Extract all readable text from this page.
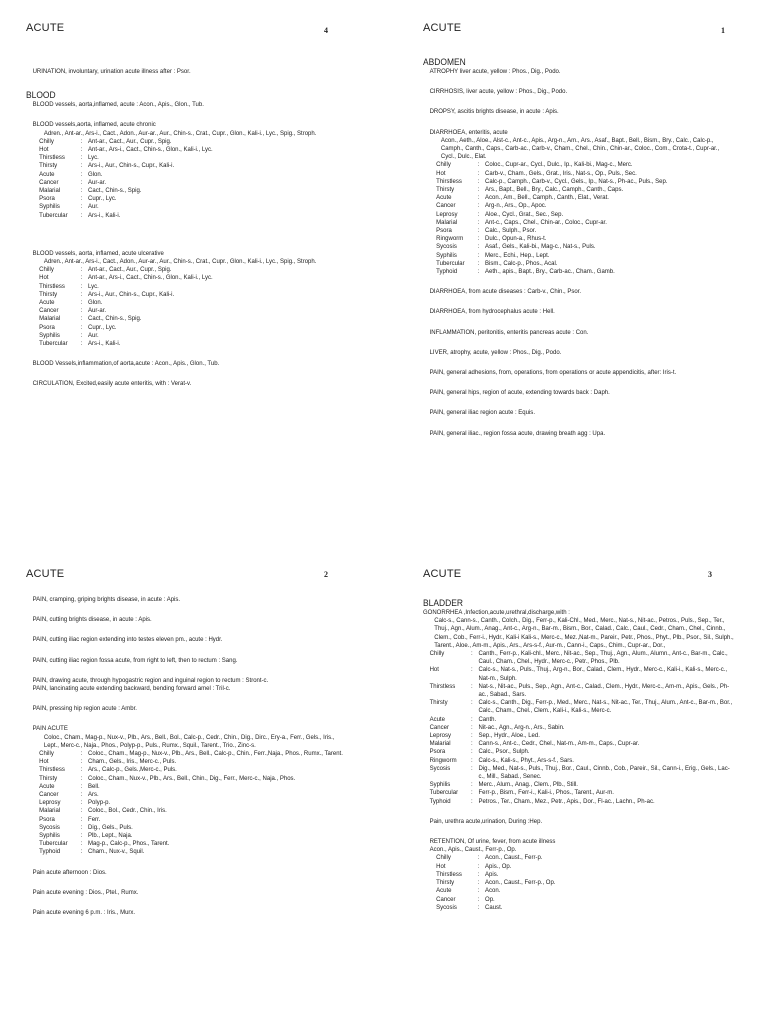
ACUTE	4
URINATION, involuntary, urination acute illness after : Psor.
BLOOD
BLOOD vessels, aorta,inflamed, acute : Acon., Apis., Glon., Tub.
BLOOD vessels,aorta, inflamed, acute chronic
Adren., Ant-ar., Ars-i., Cact., Adon., Aur-ar., Aur., Chin-s., Crat., Cupr., Glon., Kali-i., Lyc., Spig., Stroph.
Chilly	: Ant-ar., Cact., Aur., Cupr., Spig.
Hot	: Ant-ar., Ars-i., Cact., Chin-s., Glon., Kali-i., Lyc.
Thirstless	: Lyc.
Thirsty	: Ars-i., Aur., Chin-s., Cupr., Kali-i.
Acute	: Glon.
Cancer	: Aur-ar.
Malarial	: Cact., Chin-s., Spig.
Psora	: Cupr., Lyc.
Syphilis	: Aur.
Tubercular	: Ars-i., Kali-i.
BLOOD vessels, aorta, inflamed, acute ulcerative
Adren., Ant-ar., Ars-i., Cact., Adon., Aur-ar., Aur., Chin-s., Crat., Cupr., Glon., Kali-i., Lyc., Spig., Stroph.
Chilly	: Ant-ar., Cact., Aur., Cupr., Spig.
Hot	: Ant-ar., Ars-i., Cact., Chin-s., Glon., Kali-i., Lyc.
Thirstless	: Lyc.
Thirsty	: Ars-i., Aur., Chin-s., Cupr., Kali-i.
Acute	: Glon.
Cancer	: Aur-ar.
Malarial	: Cact., Chin-s., Spig.
Psora	: Cupr., Lyc.
Syphilis	: Aur.
Tubercular	: Ars-i., Kali-i.
BLOOD Vessels,inflammation,of aorta,acute : Acon., Apis., Glon., Tub.
CIRCULATION, Excited,easily acute enteritis, with : Verat-v.
ACUTE	1
ABDOMEN
ATROPHY liver acute, yellow : Phos., Dig., Podo.
CIRRHOSIS, liver acute, yellow : Phos., Dig., Podo.
DROPSY, ascitis brights disease, in acute : Apis.
DIARRHOEA, enteritis, acute
Acon., Aeth., Aloe., Alst-c., Ant-c., Apis., Arg-n., Am., Ars., Asaf., Bapt., Bell., Bism., Bry., Calc., Calc-p., Camph., Canth., Caps., Carb-ac., Carb-v., Cham., Chel., Chin., Chin-ar., Coloc., Com., Crota-t., Cupr-ar., Cycl., Dulc., Elat.
Chilly	: Coloc., Cupr-ar., Cycl., Dulc., Ip., Kali-bi., Mag-c., Merc.
Hot	: Carb-v., Cham., Gels., Grat., Iris., Nat-s., Op., Puls., Sec.
Thirstless	: Calc-p., Camph., Carb-v., Cycl., Gels., Ip., Nat-s., Ph-ac., Puls., Sep.
Thirsty	: Ars., Bapt., Bell., Bry., Calc., Camph., Canth., Caps.
Acute	: Acon., Am., Bell., Camph., Canth., Elat., Verat.
Cancer	: Arg-n., Ars., Op., Apoc.
Leprosy	: Aloe., Cycl., Grat., Sec., Sep.
Malarial	: Ant-c., Caps., Chel., Chin-ar., Coloc., Cupr-ar.
Psora	: Calc., Sulph., Psor.
Ringworm	: Dulc., Opun-a., Rhus-t.
Sycosis	: Asaf., Gels., Kali-bi., Mag-c., Nat-s., Puls.
Syphilis	: Merc., Echi., Hep., Lept.
Tubercular	: Bism., Calc-p., Phos., Acal.
Typhoid	: Aeth., apis., Bapt., Bry., Carb-ac., Cham., Gamb.
DIARRHOEA, from acute diseases : Carb-v., Chin., Psor.
DIARRHOEA, from hydrocephalus acute : Hell.
INFLAMMATION, peritonitis, enteritis pancreas acute : Con.
LIVER, atrophy, acute, yellow : Phos., Dig., Podo.
PAIN, general adhesions, from, operations, from operations or acute appendicitis, after: Iris-t.
PAIN, general hips, region of acute, extending towards back : Daph.
PAIN, general iliac region acute : Equis.
PAIN, general iliac., region fossa acute, drawing breath agg : Upa.
ACUTE	2
PAIN, cramping, griping brights disease, in acute : Apis.
PAIN, cutting brights disease, in acute : Apis.
PAIN, cutting iliac region extending into testes eleven pm., acute : Hydr.
PAIN, cutting iliac region fossa acute, from right to left, then to rectum : Sang.
PAIN, drawing acute, through hypogastric region and inguinal region to rectum : Stront-c.
PAIN, lancinating acute extending backward, bending forward amel : Tril-c.
PAIN, pressing hip region acute : Ambr.
PAIN ACUTE
Coloc., Cham., Mag-p., Nux-v., Plb., Ars., Bell., Bol., Calc-p., Cedr., Chin., Dig., Dirc., Ery-a., Ferr., Gels., Iris., Lept., Merc-c., Naja., Phos., Polyp-p., Puls., Rumx., Squil., Tarent., Trio., Zinc-s.
Chilly	: Coloc., Cham., Mag-p., Nux-v., Plb., Ars., Bell., Calc-p., Chin., Ferr.,Naja., Phos., Rumx., Tarent.
Hot	: Cham., Gels., Iris., Merc-c., Puls.
Thirstless	: Ars., Calc-p., Gels.,Merc-c., Puls.
Thirsty	: Coloc., Cham., Nux-v., Plb., Ars., Bell., Chin., Dig., Ferr., Merc-c., Naja., Phos.
Acute	: Bell.
Cancer	: Ars.
Leprosy	: Polyp-p.
Malarial	: Coloc., Bol., Cedr., Chin., Iris.
Psora	: Ferr.
Sycosis	: Dig., Gels., Puls.
Syphilis	: Plb., Lept., Naja.
Tubercular	: Mag-p., Calc-p., Phos., Tarent.
Typhoid	: Cham., Nux-v., Squil.
Pain acute afternoon : Dios.
Pain acute evening : Dios., Ptel., Rumx.
Pain acute evening 6 p.m. : Iris., Murx.
ACUTE	3
BLADDER
GONORRHEA ,Infection,acute,urethral,discharge,with :
Calc-s., Cann-s., Canth., Colch., Dig., Ferr-p., Kali-Chl., Med., Merc., Nat-s., Nit-ac., Petros., Puls., Sep., Ter., Thuj., Agn., Alum., Anag., Ant-c., Arg-n., Bar-m., Bism., Bor., Calad., Calc., Caul., Cedr., Cham., Chel., Cinnb., Clem., Cob., Ferr-i., Hydr., Kali-i Kali-s., Merc-c., Mez.,Nat-m., Pareir., Petr., Phos., Phyt., Plb., Psor., Sil., Sulph., Tarent., Aloe., Am-m., Apis., Ars., Ars-s-f., Aur-m., Cann-i., Caps., Chim., Cupr-ar., Dor.,
Chilly	: Canth., Ferr-p., Kali-chl., Merc., Nit-ac., Sep., Thuj., Agn., Alum., Alumn., Ant-c., Bar-m., Calc., Caul., Cham., Chel., Hydr., Merc-c., Petr., Phos., Plb.
Hot	: Calc-s., Nat-s., Puls., Thuj., Arg-n., Bor., Calad., Clem., Hydr., Merc-c., Kali-i., Kali-s., Merc-c., Nat-m., Sulph.
Thirstless	: Nat-s., Nit-ac., Puls., Sep., Agn., Ant-c., Calad., Clem., Hydr., Merc-c., Am-m., Apis., Gels., Ph-ac., Sabad., Sars.
Thirsty	: Calc-s., Canth., Dig., Ferr-p., Med., Merc., Nat-s., Nit-ac., Ter., Thuj., Alum., Ant-c., Bar-m., Bor., Calc., Cham., Chel., Clem., Kali-i., Kali-s., Merc-c.
Acute	: Canth.
Cancer	: Nit-ac., Agn., Arg-n., Ars., Sabin.
Leprosy	: Sep., Hydr., Aloe., Led.
Malarial	: Cann-s., Ant-c., Cedr., Chel., Nat-m., Am-m., Caps., Cupr-ar.
Psora	: Calc., Psor., Sulph.
Ringworm	: Calc-s., Kali-s., Phyt., Ars-s-f., Sars.
Sycosis	: Dig., Med., Nat-s., Puls., Thuj., Bor., Caul., Cinnb., Cob., Pareir., Sil., Cann-i., Erig., Gels., Lac-c., Mill., Sabad., Senec.
Syphilis	: Merc., Alum., Anag., Clem., Plb., Still.
Tubercular	: Ferr-p., Bism., Ferr-i., Kali-i., Phos., Tarent., Aur-m.
Typhoid	: Petros., Ter., Cham., Mez., Petr., Apis., Dor., Fl-ac., Lachn., Ph-ac.
Pain, urethra acute,urination, During :Hep.
RETENTION, Of urine, fever, from acute illness
Acon., Apis., Caust., Ferr-p., Op.
Chilly	: Acon., Caust., Ferr-p.
Hot	: Apis., Op.
Thirstless	: Apis.
Thirsty	: Acon., Caust., Ferr-p., Op.
Acute	: Acon.
Cancer	: Op.
Sycosis	: Caust.
